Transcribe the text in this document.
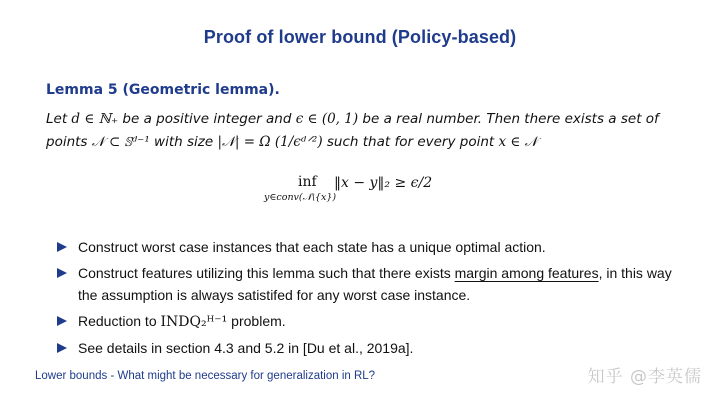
Proof of lower bound (Policy-based)
Lemma 5 (Geometric lemma).
Let d ∈ ℕ₊ be a positive integer and ϵ ∈ (0, 1) be a real number. Then there exists a set of
points 𝒩 ⊂ 𝕊ᵈ⁻¹ with size |𝒩| = Ω (1/ϵᵈᐟ²) such that for every point x ∈ 𝒩
inf
y∈conv(𝒩\{x})
‖x − y‖₂ ≥ ϵ/2
Construct worst case instances that each state has a unique optimal action.
Construct features utilizing this lemma such that there exists margin among features, in this way the assumption is always satistifed for any worst case instance.
Reduction to INDQ₂ᴴ⁻¹ problem.
See details in section 4.3 and 5.2 in [Du et al., 2019a].
Lower bounds - What might be necessary for generalization in RL?	知乎 @李英儒
